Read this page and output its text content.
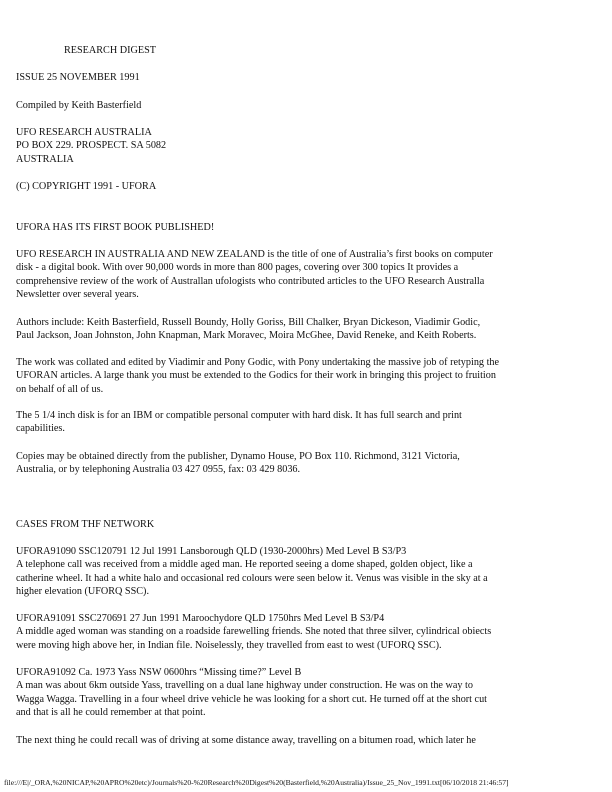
RESEARCH DIGEST
ISSUE 25 NOVEMBER 1991
Compiled by Keith Basterfield
UFO RESEARCH AUSTRALIA
PO BOX 229. PROSPECT. SA 5082
AUSTRALIA
(C) COPYRIGHT 1991 - UFORA
UFORA HAS ITS FIRST BOOK PUBLISHED!
UFO RESEARCH IN AUSTRALIA AND NEW ZEALAND is the title of one of Australia’s first books on computer
disk - a digital book. With over 90,000 words in more than 800 pages, covering over 300 topics It provides a
comprehensive review of the work of Australlan ufologists who contributed articles to the UFO Research Australla
Newsletter over several years.
Authors include: Keith Basterfield, Russell Boundy, Holly Goriss, Bill Chalker, Bryan Dickeson, Viadimir Godic,
Paul Jackson, Joan Johnston, John Knapman, Mark Moravec, Moira McGhee, David Reneke, and Keith Roberts.
The work was collated and edited by Viadimir and Pony Godic, with Pony undertaking the massive job of retyping the
UFORAN articles. A large thank you must be extended to the Godics for their work in bringing this project to fruition
on behalf of all of us.
The 5 1/4 inch disk is for an IBM or compatible personal computer with hard disk. It has full search and print
capabilities.
Copies may be obtained directly from the publisher, Dynamo House, PO Box 110. Richmond, 3121 Victoria,
Australia, or by telephoning Australia 03 427 0955, fax: 03 429 8036.
CASES FROM THF NETWORK
UFORA91090 SSC120791 12 Jul 1991 Lansborough QLD (1930-2000hrs) Med Level B S3/P3
A telephone call was received from a middle aged man. He reported seeing a dome shaped, golden object, like a
catherine wheel. It had a white halo and occasional red colours were seen below it. Venus was visible in the sky at a
higher elevation (UFORQ SSC).
UFORA91091 SSC270691 27 Jun 1991 Maroochydore QLD 1750hrs Med Level B S3/P4
A middle aged woman was standing on a roadside farewelling friends. She noted that three silver, cylindrical obiects
were moving high above her, in Indian file. Noiselessly, they travelled from east to west (UFORQ SSC).
UFORA91092 Ca. 1973 Yass NSW 0600hrs “Missing time?” Level B
A man was about 6km outside Yass, travelling on a dual lane highway under construction. He was on the way to
Wagga Wagga. Travelling in a four wheel drive vehicle he was looking for a short cut. He turned off at the short cut
and that is all he could remember at that point.
The next thing he could recall was of driving at some distance away, travelling on a bitumen road, which later he
file:///E|/_ORA,%20NICAP,%20APRO%20etc)/Journals%20-%20Research%20Digest%20(Basterfield,%20Australia)/Issue_25_Nov_1991.txt[06/10/2018 21:46:57]
